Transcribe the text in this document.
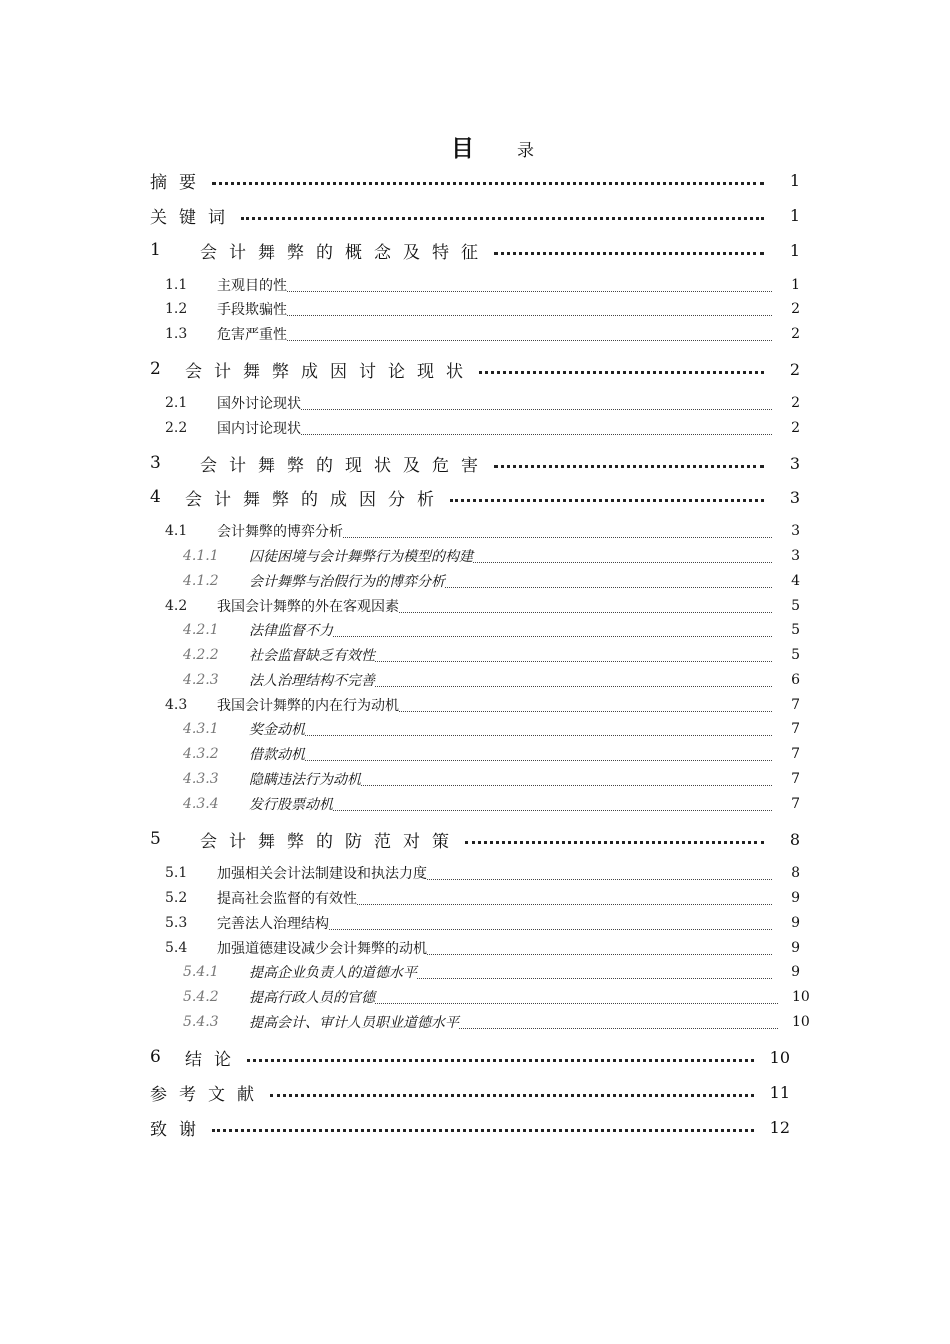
目	录
摘要	1
关键词	1
1	会计舞弊的概念及特征	1
1.1	主观目的性	1
1.2	手段欺骗性	2
1.3	危害严重性	2
2	会计舞弊成因讨论现状	2
2.1	国外讨论现状	2
2.2	国内讨论现状	2
3	会计舞弊的现状及危害	3
4	会计舞弊的成因分析	3
4.1	会计舞弊的博弈分析	3
4.1.1	囚徒困境与会计舞弊行为模型的构建	3
4.1.2	会计舞弊与治假行为的博弈分析	4
4.2	我国会计舞弊的外在客观因素	5
4.2.1	法律监督不力	5
4.2.2	社会监督缺乏有效性	5
4.2.3	法人治理结构不完善	6
4.3	我国会计舞弊的内在行为动机	7
4.3.1	奖金动机	7
4.3.2	借款动机	7
4.3.3	隐瞒违法行为动机	7
4.3.4	发行股票动机	7
5	会计舞弊的防范对策	8
5.1	加强相关会计法制建设和执法力度	8
5.2	提高社会监督的有效性	9
5.3	完善法人治理结构	9
5.4	加强道德建设减少会计舞弊的动机	9
5.4.1	提高企业负责人的道德水平	9
5.4.2	提高行政人员的官德	10
5.4.3	提高会计、审计人员职业道德水平	10
6	结论	10
参考文献	11
致谢	12
